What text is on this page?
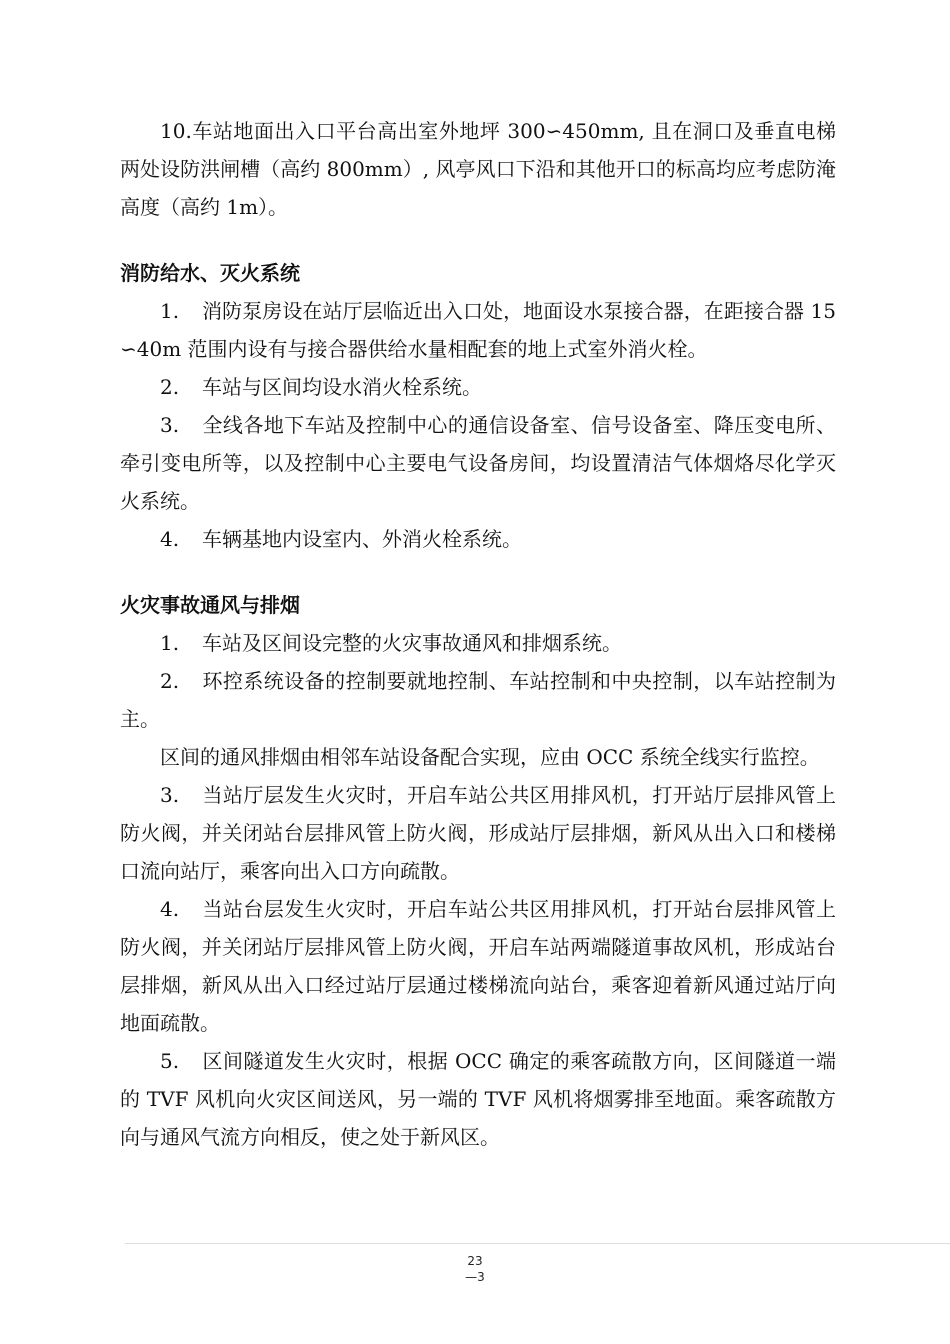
10.车站地面出入口平台高出室外地坪 300∽450mm, 且在洞口及垂直电梯两处设防洪闸槽（高约 800mm）, 风亭风口下沿和其他开口的标高均应考虑防淹高度（高约 1m）。

消防给水、灭火系统

1. 消防泵房设在站厅层临近出入口处，地面设水泵接合器，在距接合器 15∽40m 范围内设有与接合器供给水量相配套的地上式室外消火栓。

2. 车站与区间均设水消火栓系统。

3. 全线各地下车站及控制中心的通信设备室、信号设备室、降压变电所、牵引变电所等，以及控制中心主要电气设备房间，均设置清洁气体烟烙尽化学灭火系统。

4. 车辆基地内设室内、外消火栓系统。

火灾事故通风与排烟

1. 车站及区间设完整的火灾事故通风和排烟系统。

2. 环控系统设备的控制要就地控制、车站控制和中央控制，以车站控制为主。

区间的通风排烟由相邻车站设备配合实现，应由 OCC 系统全线实行监控。

3. 当站厅层发生火灾时，开启车站公共区用排风机，打开站厅层排风管上防火阀，并关闭站台层排风管上防火阀，形成站厅层排烟，新风从出入口和楼梯口流向站厅，乘客向出入口方向疏散。

4. 当站台层发生火灾时，开启车站公共区用排风机，打开站台层排风管上防火阀，并关闭站厅层排风管上防火阀，开启车站两端隧道事故风机，形成站台层排烟，新风从出入口经过站厅层通过楼梯流向站台，乘客迎着新风通过站厅向地面疏散。

5. 区间隧道发生火灾时，根据 OCC 确定的乘客疏散方向，区间隧道一端的 TVF 风机向火灾区间送风，另一端的 TVF 风机将烟雾排至地面。乘客疏散方向与通风气流方向相反，使之处于新风区。

23
—3
